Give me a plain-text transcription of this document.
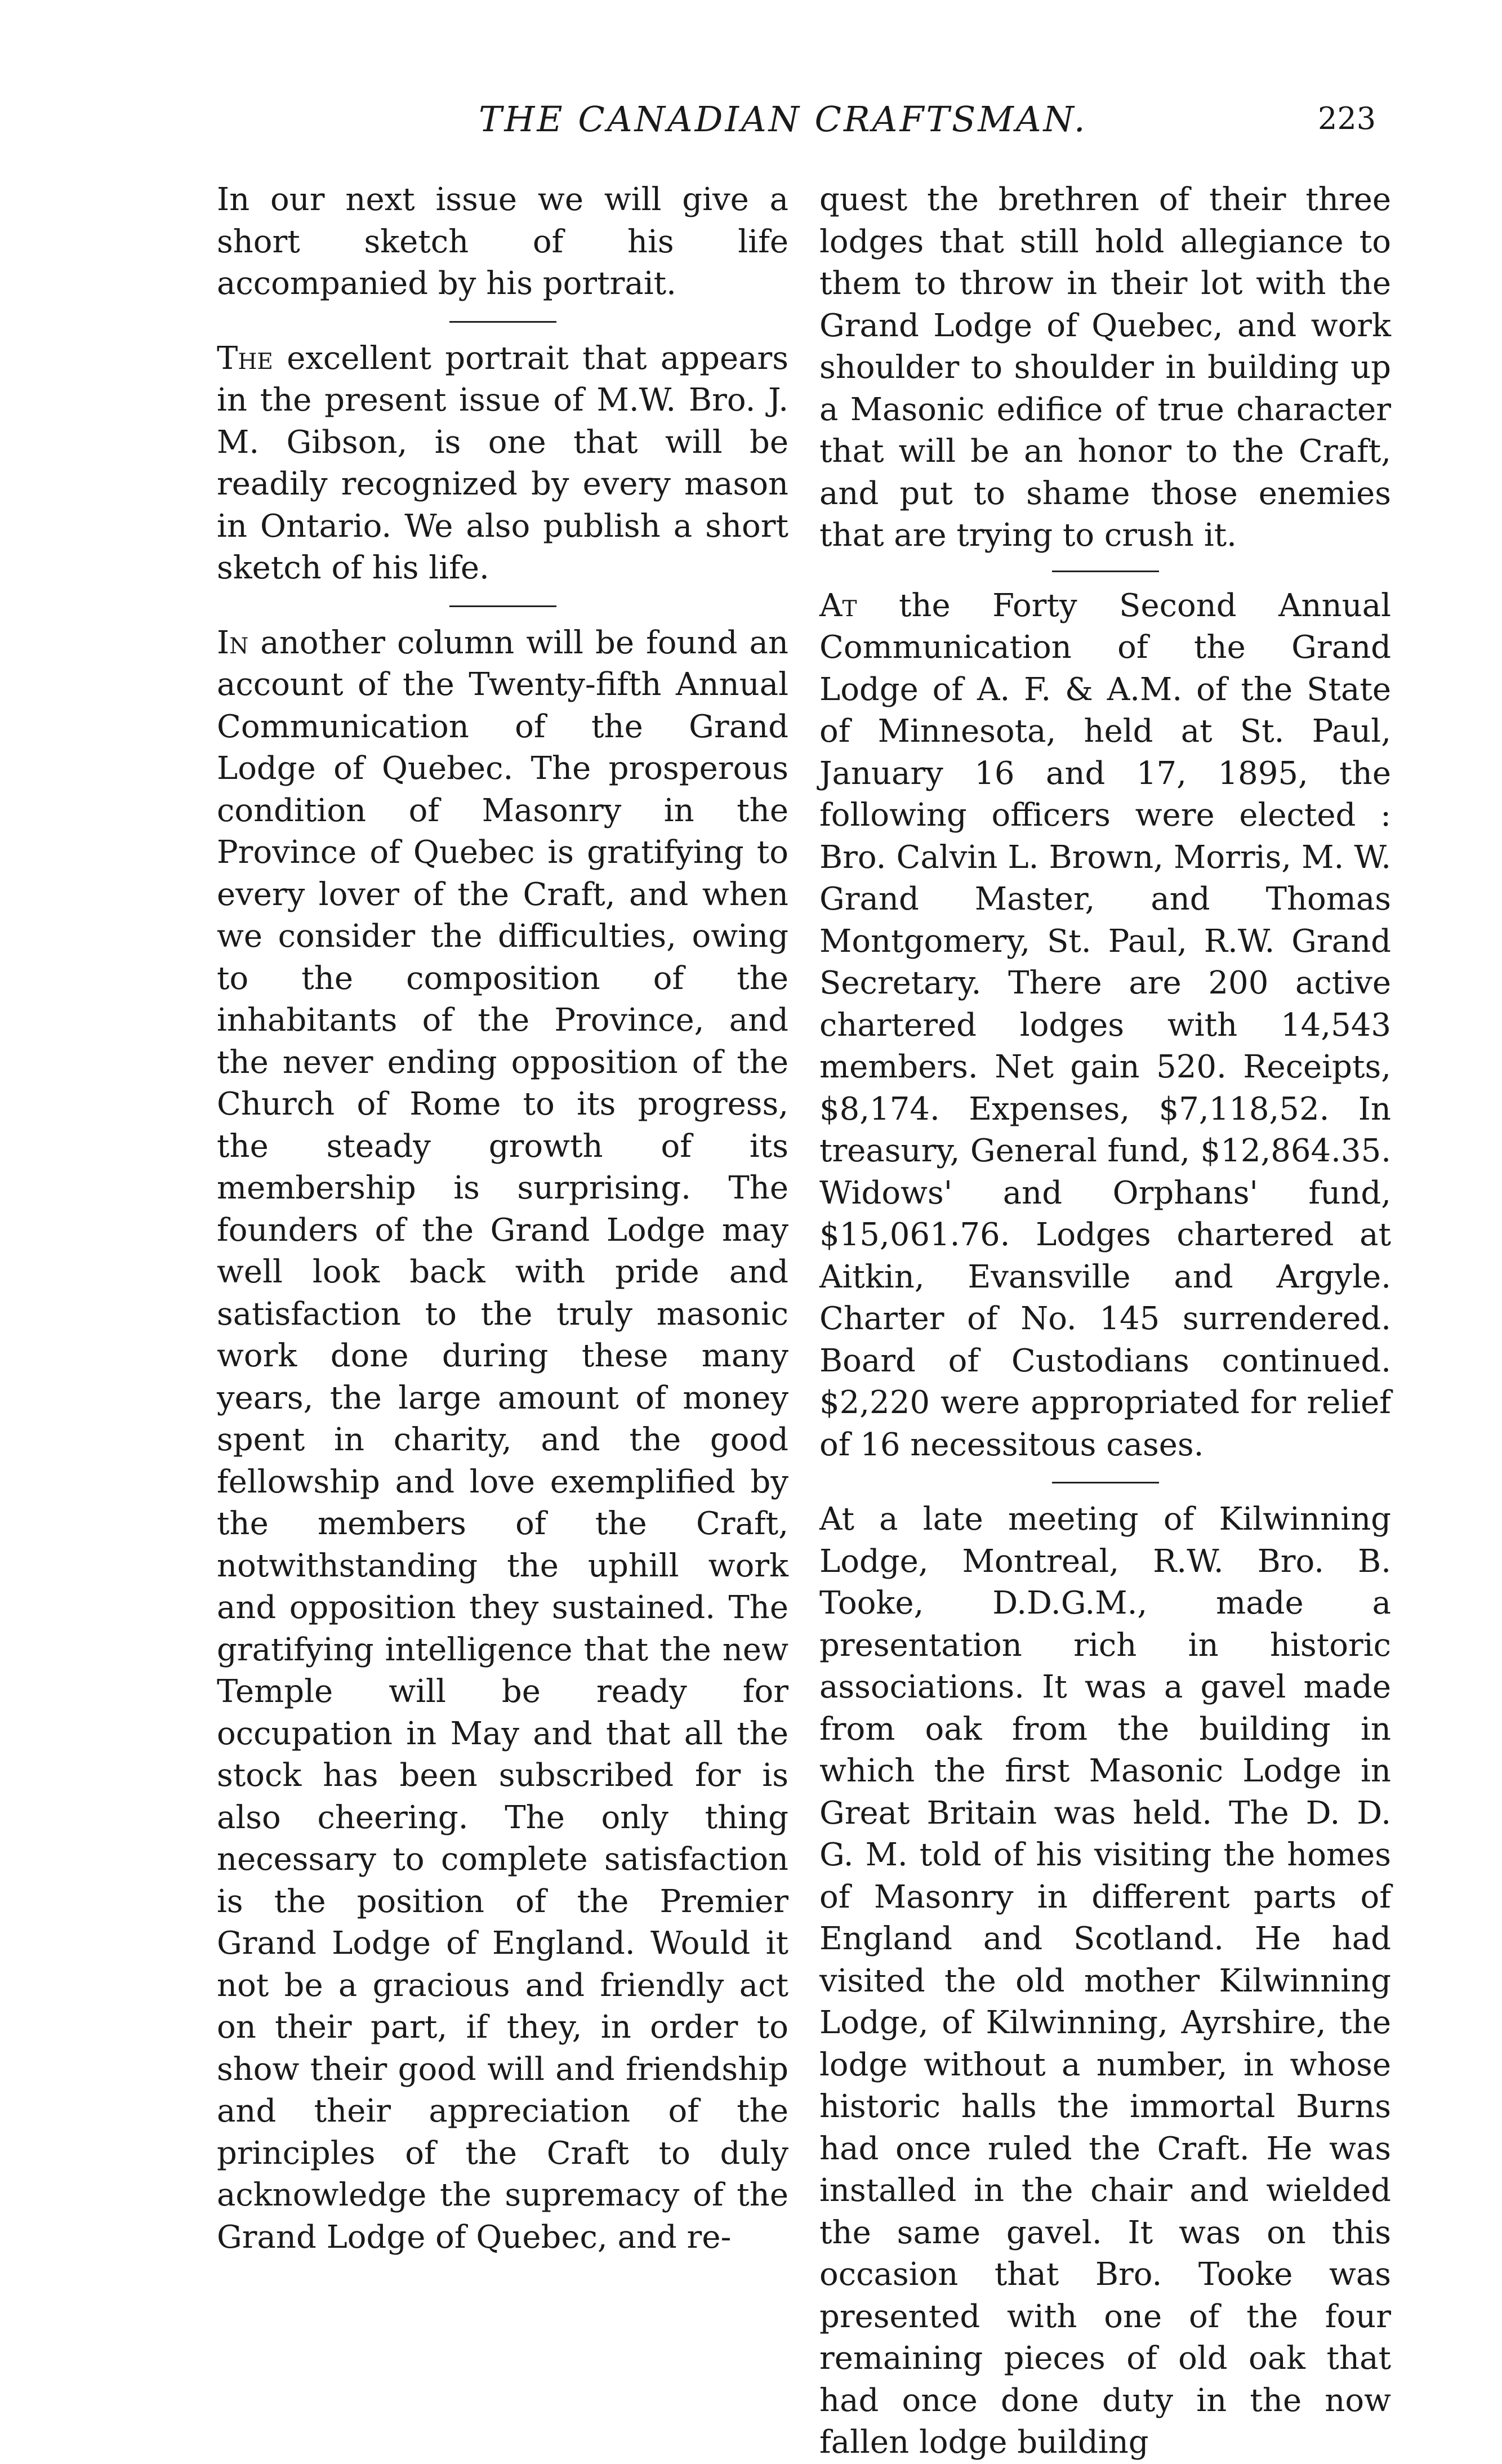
THE CANADIAN CRAFTSMAN.	223

In our next issue we will give a short sketch of his life accompanied by his portrait.

The excellent portrait that appears in the present issue of M.W. Bro. J. M. Gibson, is one that will be readily recognized by every mason in Ontario. We also publish a short sketch of his life.

In another column will be found an account of the Twenty-fifth Annual Communication of the Grand Lodge of Quebec. The prosperous condition of Masonry in the Province of Quebec is gratifying to every lover of the Craft, and when we consider the difficulties, owing to the composition of the inhabitants of the Province, and the never ending opposition of the Church of Rome to its progress, the steady growth of its membership is surprising. The founders of the Grand Lodge may well look back with pride and satisfaction to the truly masonic work done during these many years, the large amount of money spent in charity, and the good fellowship and love exemplified by the members of the Craft, notwithstanding the uphill work and opposition they sustained. The gratifying intelligence that the new Temple will be ready for occupation in May and that all the stock has been subscribed for is also cheering. The only thing necessary to complete satisfaction is the position of the Premier Grand Lodge of England. Would it not be a gracious and friendly act on their part, if they, in order to show their good will and friendship and their appreciation of the principles of the Craft to duly acknowledge the supremacy of the Grand Lodge of Quebec, and re-

quest the brethren of their three lodges that still hold allegiance to them to throw in their lot with the Grand Lodge of Quebec, and work shoulder to shoulder in building up a Masonic edifice of true character that will be an honor to the Craft, and put to shame those enemies that are trying to crush it.

At the Forty Second Annual Communication of the Grand Lodge of A. F. & A.M. of the State of Minnesota, held at St. Paul, January 16 and 17, 1895, the following officers were elected : Bro. Calvin L. Brown, Morris, M. W. Grand Master, and Thomas Montgomery, St. Paul, R.W. Grand Secretary. There are 200 active chartered lodges with 14,543 members. Net gain 520. Receipts, $8,174. Expenses, $7,118,52. In treasury, General fund, $12,864.35. Widows' and Orphans' fund, $15,061.76. Lodges chartered at Aitkin, Evansville and Argyle. Charter of No. 145 surrendered. Board of Custodians continued. $2,220 were appropriated for relief of 16 necessitous cases.

At a late meeting of Kilwinning Lodge, Montreal, R.W. Bro. B. Tooke, D.D.G.M., made a presentation rich in historic associations. It was a gavel made from oak from the building in which the first Masonic Lodge in Great Britain was held. The D. D. G. M. told of his visiting the homes of Masonry in different parts of England and Scotland. He had visited the old mother Kilwinning Lodge, of Kilwinning, Ayrshire, the lodge without a number, in whose historic halls the immortal Burns had once ruled the Craft. He was installed in the chair and wielded the same gavel. It was on this occasion that Bro. Tooke was presented with one of the four remaining pieces of old oak that had once done duty in the now fallen lodge building
